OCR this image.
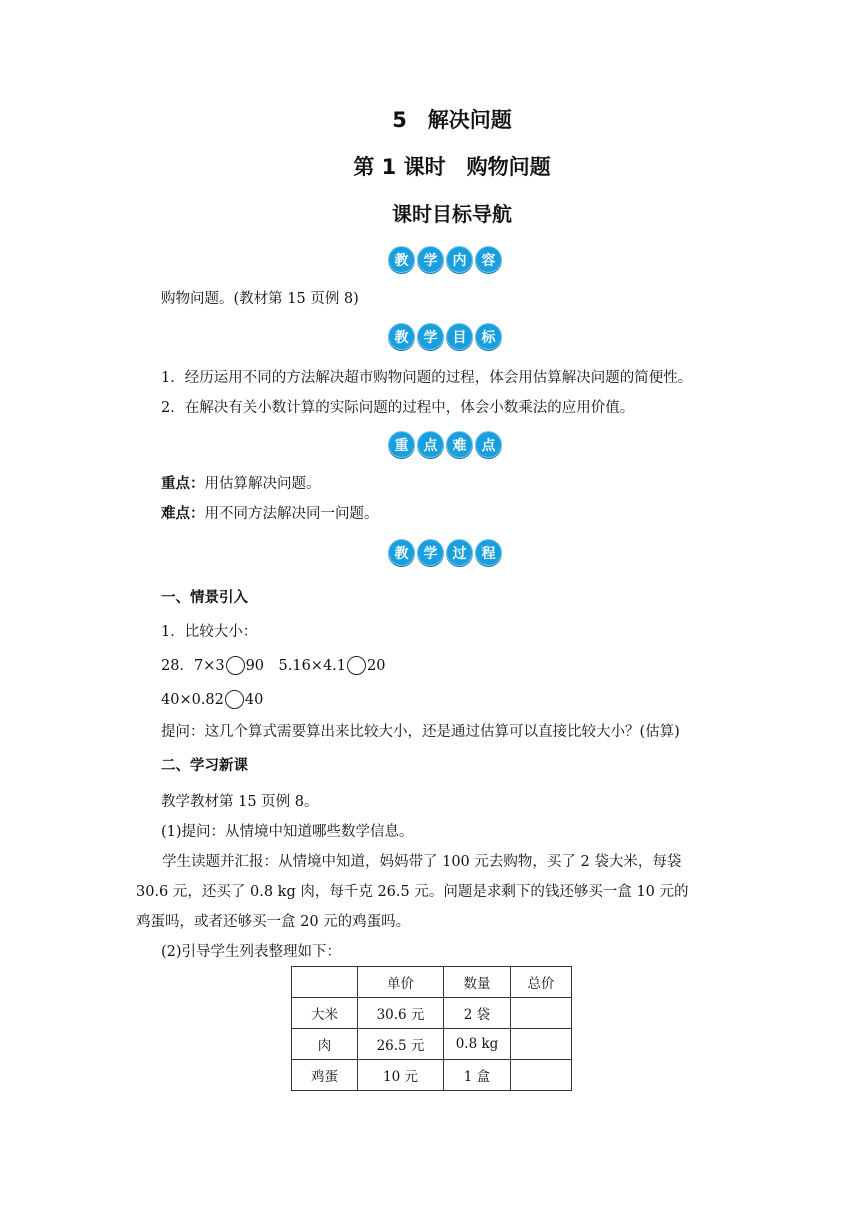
5　解决问题
第 1 课时　购物问题
课时目标导航
教	学	内	容
购物问题。(教材第 15 页例 8)
教	学	目	标
1．经历运用不同的方法解决超市购物问题的过程，体会用估算解决问题的简便性。
2．在解决有关小数计算的实际问题的过程中，体会小数乘法的应用价值。
重	点	难	点
重点：用估算解决问题。
难点：用不同方法解决同一问题。
教	学	过	程
一、情景引入
1．比较大小：
28．7×3 90　5.16×4.1 20
40×0.82 40
提问：这几个算式需要算出来比较大小，还是通过估算可以直接比较大小？(估算)
二、学习新课
教学教材第 15 页例 8。
(1)提问：从情境中知道哪些数学信息。
学生读题并汇报：从情境中知道，妈妈带了 100 元去购物，买了 2 袋大米，每袋 30.6 元，还买了 0.8 kg 肉，每千克 26.5 元。问题是求剩下的钱还够买一盒 10 元的鸡蛋吗，或者还够买一盒 20 元的鸡蛋吗。
(2)引导学生列表整理如下：
	单价	数量	总价
大米	30.6 元	2 袋	
肉	26.5 元	0.8 kg	
鸡蛋	10 元	1 盒	
